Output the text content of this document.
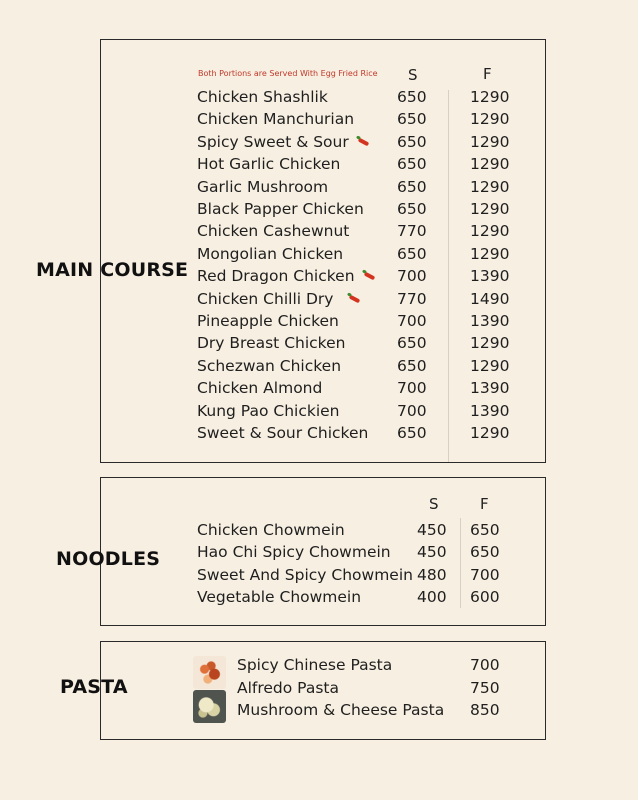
MAIN COURSE
NOODLES
PASTA
Both Portions are Served With Egg Fried Rice S	F
Chicken Shashlik	650	1290
Chicken Manchurian	650	1290
Spicy Sweet & Sour	650	1290
Hot Garlic Chicken	650	1290
Garlic Mushroom	650	1290
Black Papper Chicken 650	1290
Chicken Cashewnut	770	1290
Mongolian Chicken	650	1290
Red Dragon Chicken	700	1390
Chicken Chilli Dry	770	1490
Pineapple Chicken	700	1390
Dry Breast Chicken	650	1290
Schezwan Chicken	650	1290
Chicken Almond	700	1390
Kung Pao Chickien	700	1390
Sweet & Sour Chicken 650	1290
S	F
Chicken Chowmein	450 650
Hao Chi Spicy Chowmein 450 650
Sweet And Spicy Chowmein 480 700
Vegetable Chowmein	400 600
Spicy Chinese Pasta	700
Alfredo Pasta	750
Mushroom & Cheese Pasta 850
